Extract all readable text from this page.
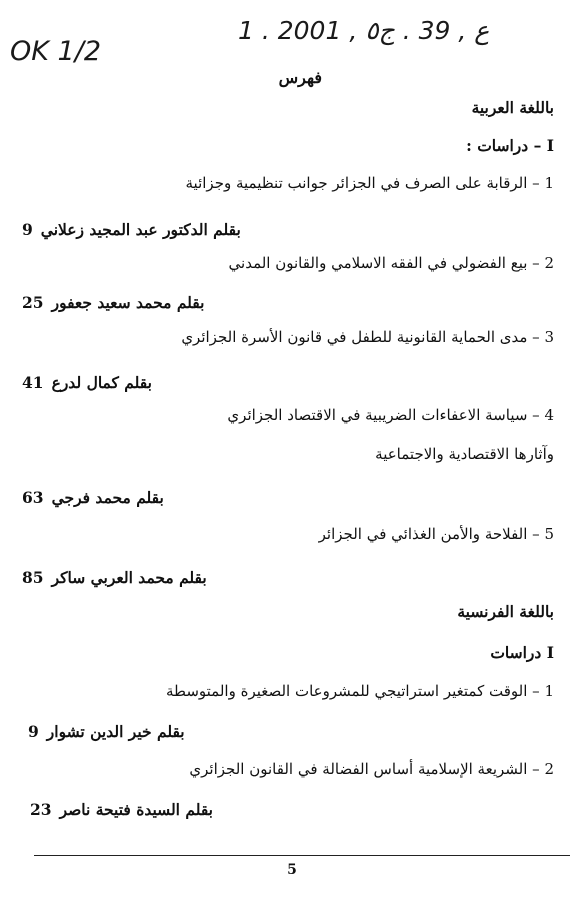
OK 1/2
1 . ع , 39 . ج٥ , 2001
فهرس
باللغة العربية
I – دراسات :
1 – الرقابة على الصرف في الجزائر جوانب تنظيمية وجزائية
بقلم الدكتور عبد المجيد زعلاني9
2 – بيع الفضولي في الفقه الاسلامي والقانون المدني
بقلم محمد سعيد جعفور25
3 – مدى الحماية القانونية للطفل في قانون الأسرة الجزائري
بقلم كمال لدرع41
4 – سياسة الاعفاءات الضريبية في الاقتصاد الجزائري
وآثارها الاقتصادية والاجتماعية
بقلم محمد فرجي63
5 – الفلاحة والأمن الغذائي في الجزائر
بقلم محمد العربي ساكر85
باللغة الفرنسية
I دراسات
1 – الوقت كمتغير استراتيجي للمشروعات الصغيرة والمتوسطة
بقلم خير الدين تشوار9
2 – الشريعة الإسلامية أساس الفضالة في القانون الجزائري
بقلم السيدة فتيحة ناصر23
5
